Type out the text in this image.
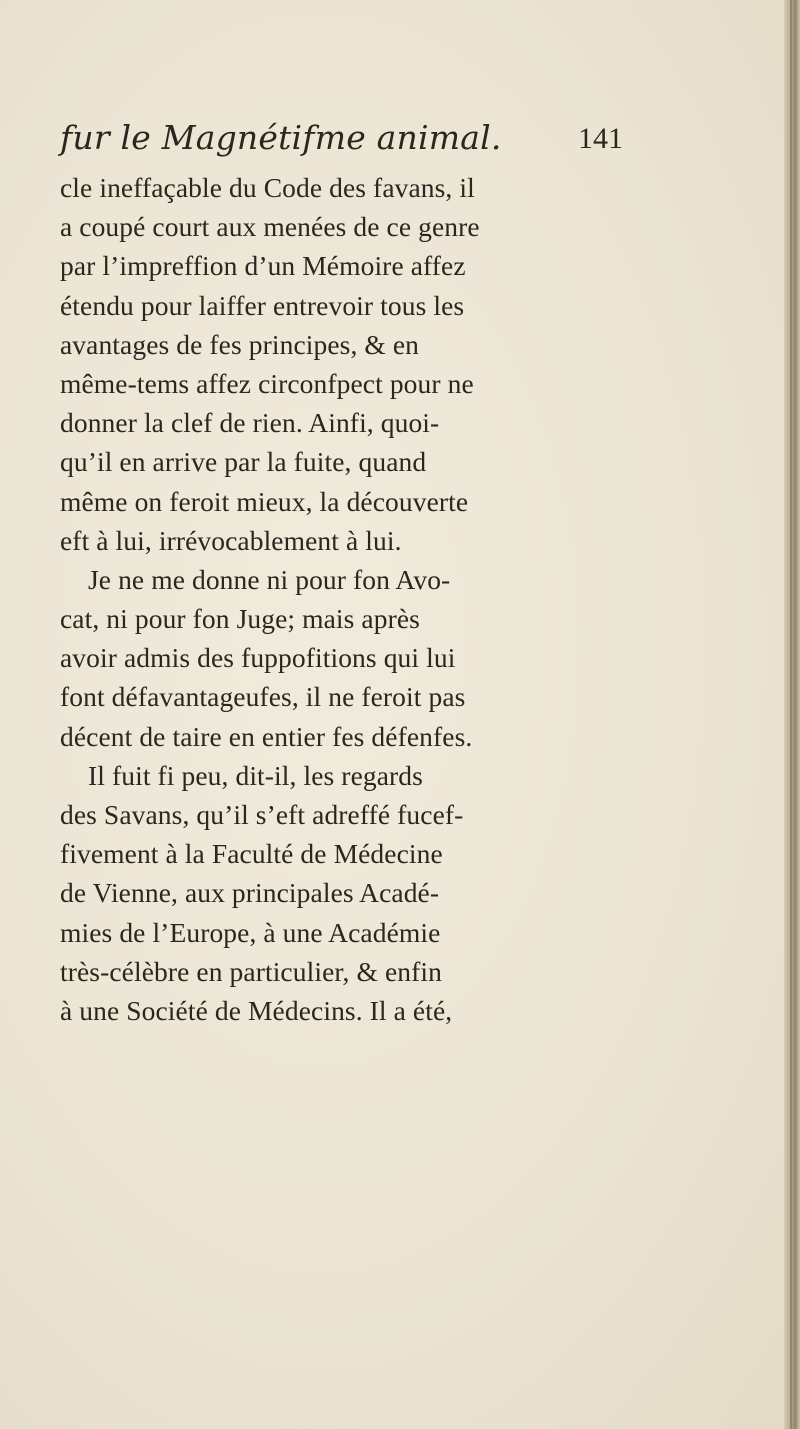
fur le Magnétifme animal.	141
cle ineffaçable du Code des favans, il
a coupé court aux menées de ce genre
par l’impreffion d’un Mémoire affez
étendu pour laiffer entrevoir tous les
avantages de fes principes, & en
même-tems affez circonfpect pour ne
donner la clef de rien. Ainfi, quoi-
qu’il en arrive par la fuite, quand
même on feroit mieux, la découverte
eft à lui, irrévocablement à lui.
Je ne me donne ni pour fon Avo-
cat, ni pour fon Juge; mais après
avoir admis des fuppofitions qui lui
font défavantageufes, il ne feroit pas
décent de taire en entier fes défenfes.
Il fuit fi peu, dit-il, les regards
des Savans, qu’il s’eft adreffé fucef-
fivement à la Faculté de Médecine
de Vienne, aux principales Acadé-
mies de l’Europe, à une Académie
très-célèbre en particulier, & enfin
à une Société de Médecins. Il a été,
